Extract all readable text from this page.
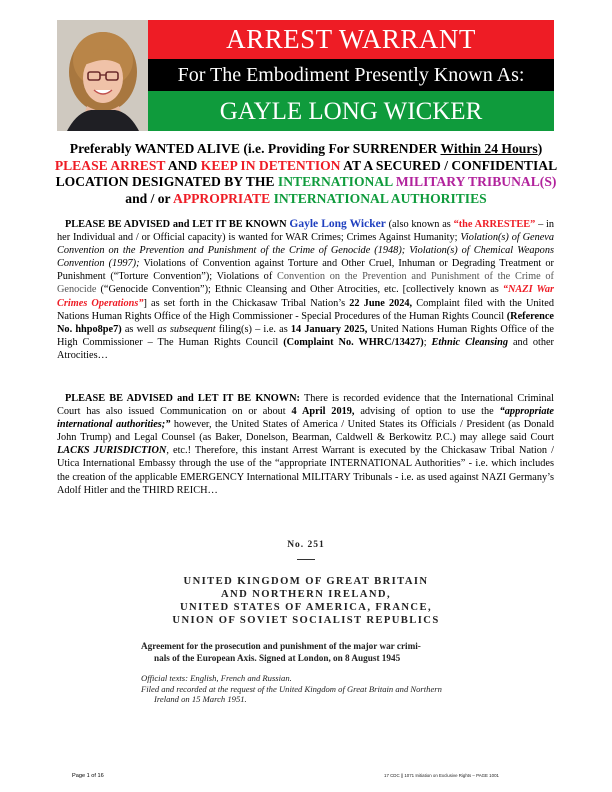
ARREST WARRANT
For The Embodiment Presently Known As:
GAYLE LONG WICKER
Preferably WANTED ALIVE (i.e. Providing For SURRENDER Within 24 Hours)
PLEASE ARREST AND KEEP IN DETENTION AT A SECURED / CONFIDENTIAL
LOCATION DESIGNATED BY THE INTERNATIONAL MILITARY TRIBUNAL(S)
and / or APPROPRIATE INTERNATIONAL AUTHORITIES
PLEASE BE ADVISED and LET IT BE KNOWN Gayle Long Wicker (also known as “the ARRESTEE” – in her Individual and / or Official capacity) is wanted for WAR Crimes; Crimes Against Humanity; Violation(s) of Geneva Convention on the Prevention and Punishment of the Crime of Genocide (1948); Violation(s) of Chemical Weapons Convention (1997); Violations of Convention against Torture and Other Cruel, Inhuman or Degrading Treatment or Punishment (“Torture Convention”); Violations of Convention on the Prevention and Punishment of the Crime of Genocide (“Genocide Convention”); Ethnic Cleansing and Other Atrocities, etc. [collectively known as “NAZI War Crimes Operations”] as set forth in the Chickasaw Tribal Nation’s 22 June 2024, Complaint filed with the United Nations Human Rights Office of the High Commissioner - Special Procedures of the Human Rights Council (Reference No. hhpo8pe7) as well as subsequent filing(s) – i.e. as 14 January 2025, United Nations Human Rights Office of the High Commissioner – The Human Rights Council (Complaint No. WHRC/13427); Ethnic Cleansing and other Atrocities…
PLEASE BE ADVISED and LET IT BE KNOWN: There is recorded evidence that the International Criminal Court has also issued Communication on or about 4 April 2019, advising of option to use the “appropriate international authorities;” however, the United States of America / United States its Officials / President (as Donald John Trump) and Legal Counsel (as Baker, Donelson, Bearman, Caldwell & Berkowitz P.C.) may allege said Court LACKS JURISDICTION, etc.! Therefore, this instant Arrest Warrant is executed by the Chickasaw Tribal Nation / Utica International Embassy through the use of the “appropriate INTERNATIONAL Authorities” - i.e. which includes the creation of the applicable EMERGENCY International MILITARY Tribunals - i.e. as used against NAZI Germany’s Adolf Hitler and the THIRD REICH…
No. 251
UNITED KINGDOM OF GREAT BRITAIN
AND NORTHERN IRELAND,
UNITED STATES OF AMERICA, FRANCE,
UNION OF SOVIET SOCIALIST REPUBLICS
Agreement for the prosecution and punishment of the major war crimi-
nals of the European Axis. Signed at London, on 8 August 1945
Official texts: English, French and Russian.
Filed and recorded at the request of the United Kingdom of Great Britain and Northern
Ireland on 15 March 1951.
Page 1 of 16	17 CDC || 1071 Initiation on Exclusive Rights – PAGE 1001
